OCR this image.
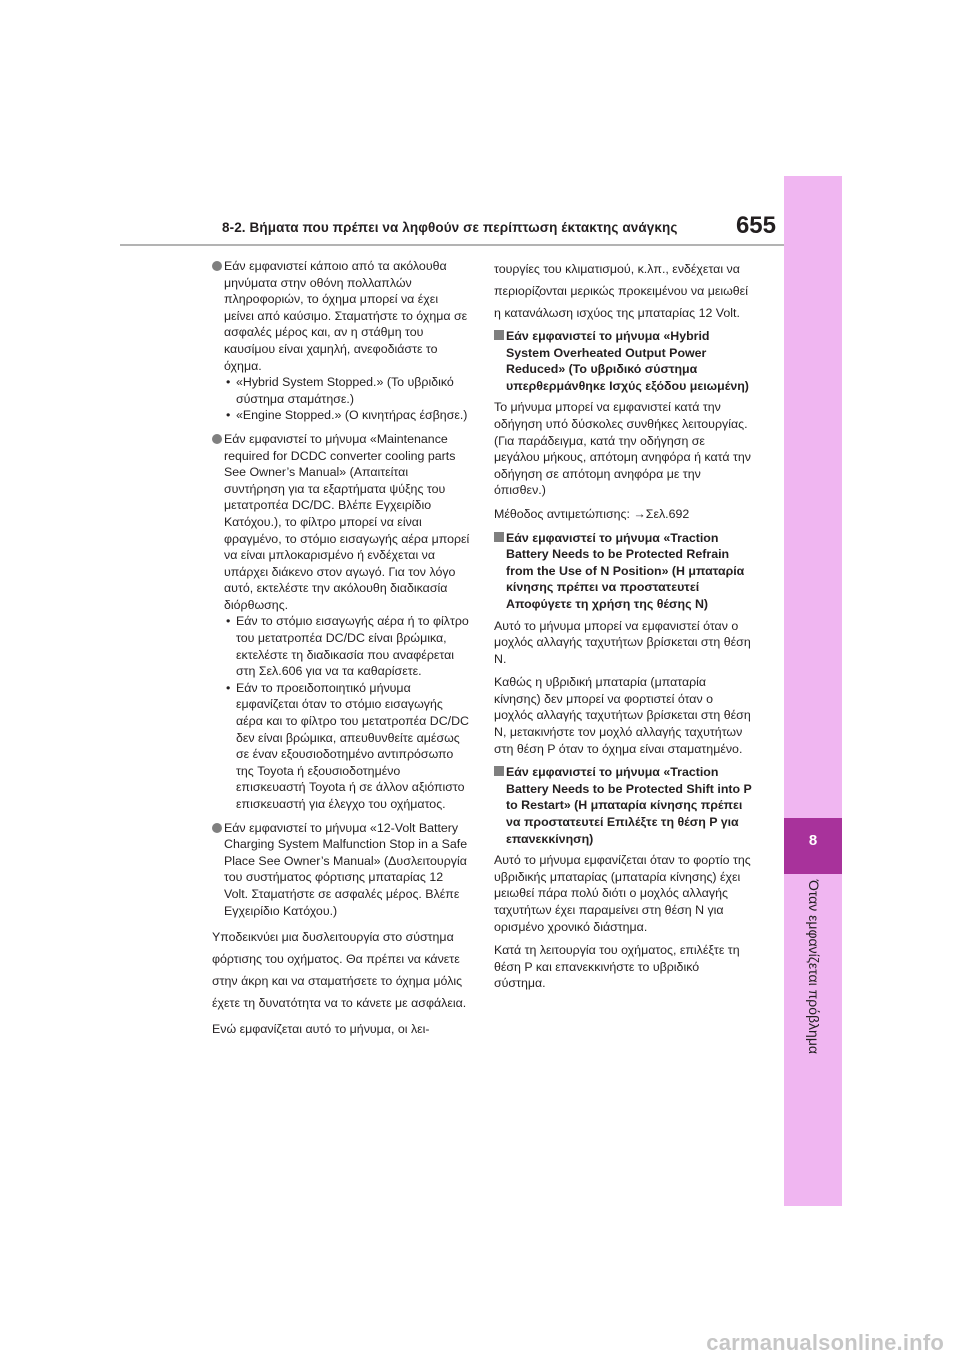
8-2. Βήματα που πρέπει να ληφθούν σε περίπτωση έκτακτης ανάγκης	655
8
Όταν εμφανίζεται πρόβλημα
Εάν εμφανιστεί κάποιο από τα ακόλουθα μηνύματα στην οθόνη πολλαπλών πληροφοριών, το όχημα μπορεί να έχει μείνει από καύσιμο. Σταματήστε το όχημα σε ασφαλές μέρος και, αν η στάθμη του καυσίμου είναι χαμηλή, ανεφοδιάστε το όχημα.
• «Hybrid System Stopped.» (Το υβριδικό σύστημα σταμάτησε.)
• «Engine Stopped.» (Ο κινητήρας έσβησε.)
Εάν εμφανιστεί το μήνυμα «Maintenance required for DCDC converter cooling parts See Owner’s Manual» (Απαιτείται συντήρηση για τα εξαρτήματα ψύξης του μετατροπέα DC/DC. Βλέπε Εγχειρίδιο Κατόχου.), το φίλτρο μπορεί να είναι φραγμένο, το στόμιο εισαγωγής αέρα μπορεί να είναι μπλοκαρισμένο ή ενδέχεται να υπάρχει διάκενο στον αγωγό. Για τον λόγο αυτό, εκτελέστε την ακόλουθη διαδικασία διόρθωσης.
• Εάν το στόμιο εισαγωγής αέρα ή το φίλτρο του μετατροπέα DC/DC είναι βρώμικα, εκτελέστε τη διαδικασία που αναφέρεται στη Σελ.606 για να τα καθαρίσετε.
• Εάν το προειδοποιητικό μήνυμα εμφανίζεται όταν το στόμιο εισαγωγής αέρα και το φίλτρο του μετατροπέα DC/DC δεν είναι βρώμικα, απευθυνθείτε αμέσως σε έναν εξουσιοδοτημένο αντιπρόσωπο της Toyota ή εξουσιοδοτημένο επισκευαστή Toyota ή σε άλλον αξιόπιστο επισκευαστή για έλεγχο του οχήματος.
Εάν εμφανιστεί το μήνυμα «12-Volt Battery Charging System Malfunction Stop in a Safe Place See Owner’s Manual» (Δυσλειτουργία του συστήματος φόρτισης μπαταρίας 12 Volt. Σταματήστε σε ασφαλές μέρος. Βλέπε Εγχειρίδιο Κατόχου.)
Υποδεικνύει μια δυσλειτουργία στο σύστημα φόρτισης του οχήματος. Θα πρέπει να κάνετε στην άκρη και να σταματήσετε το όχημα μόλις έχετε τη δυνατότητα να το κάνετε με ασφάλεια.
Ενώ εμφανίζεται αυτό το μήνυμα, οι λει-
τουργίες του κλιματισμού, κ.λπ., ενδέχεται να περιορίζονται μερικώς προκειμένου να μειωθεί η κατανάλωση ισχύος της μπαταρίας 12 Volt.
Εάν εμφανιστεί το μήνυμα «Hybrid System Overheated Output Power Reduced» (Το υβριδικό σύστημα υπερθερμάνθηκε Ισχύς εξόδου μειωμένη)
Το μήνυμα μπορεί να εμφανιστεί κατά την οδήγηση υπό δύσκολες συνθήκες λειτουργίας. (Για παράδειγμα, κατά την οδήγηση σε μεγάλου μήκους, απότομη ανηφόρα ή κατά την οδήγηση σε απότομη ανηφόρα με την όπισθεν.)
Μέθοδος αντιμετώπισης: →Σελ.692
Εάν εμφανιστεί το μήνυμα «Traction Battery Needs to be Protected Refrain from the Use of N Position» (Η μπαταρία κίνησης πρέπει να προστατευτεί Αποφύγετε τη χρήση της θέσης N)
Αυτό το μήνυμα μπορεί να εμφανιστεί όταν ο μοχλός αλλαγής ταχυτήτων βρίσκεται στη θέση N.
Καθώς η υβριδική μπαταρία (μπαταρία κίνησης) δεν μπορεί να φορτιστεί όταν ο μοχλός αλλαγής ταχυτήτων βρίσκεται στη θέση N, μετακινήστε τον μοχλό αλλαγής ταχυτήτων στη θέση P όταν το όχημα είναι σταματημένο.
Εάν εμφανιστεί το μήνυμα «Traction Battery Needs to be Protected Shift into P to Restart» (Η μπαταρία κίνησης πρέπει να προστατευτεί Επιλέξτε τη θέση P για επανεκκίνηση)
Αυτό το μήνυμα εμφανίζεται όταν το φορτίο της υβριδικής μπαταρίας (μπαταρία κίνησης) έχει μειωθεί πάρα πολύ διότι ο μοχλός αλλαγής ταχυτήτων έχει παραμείνει στη θέση N για ορισμένο χρονικό διάστημα.
Κατά τη λειτουργία του οχήματος, επιλέξτε τη θέση P και επανεκκινήστε το υβριδικό σύστημα.
carmanualsonline.info
